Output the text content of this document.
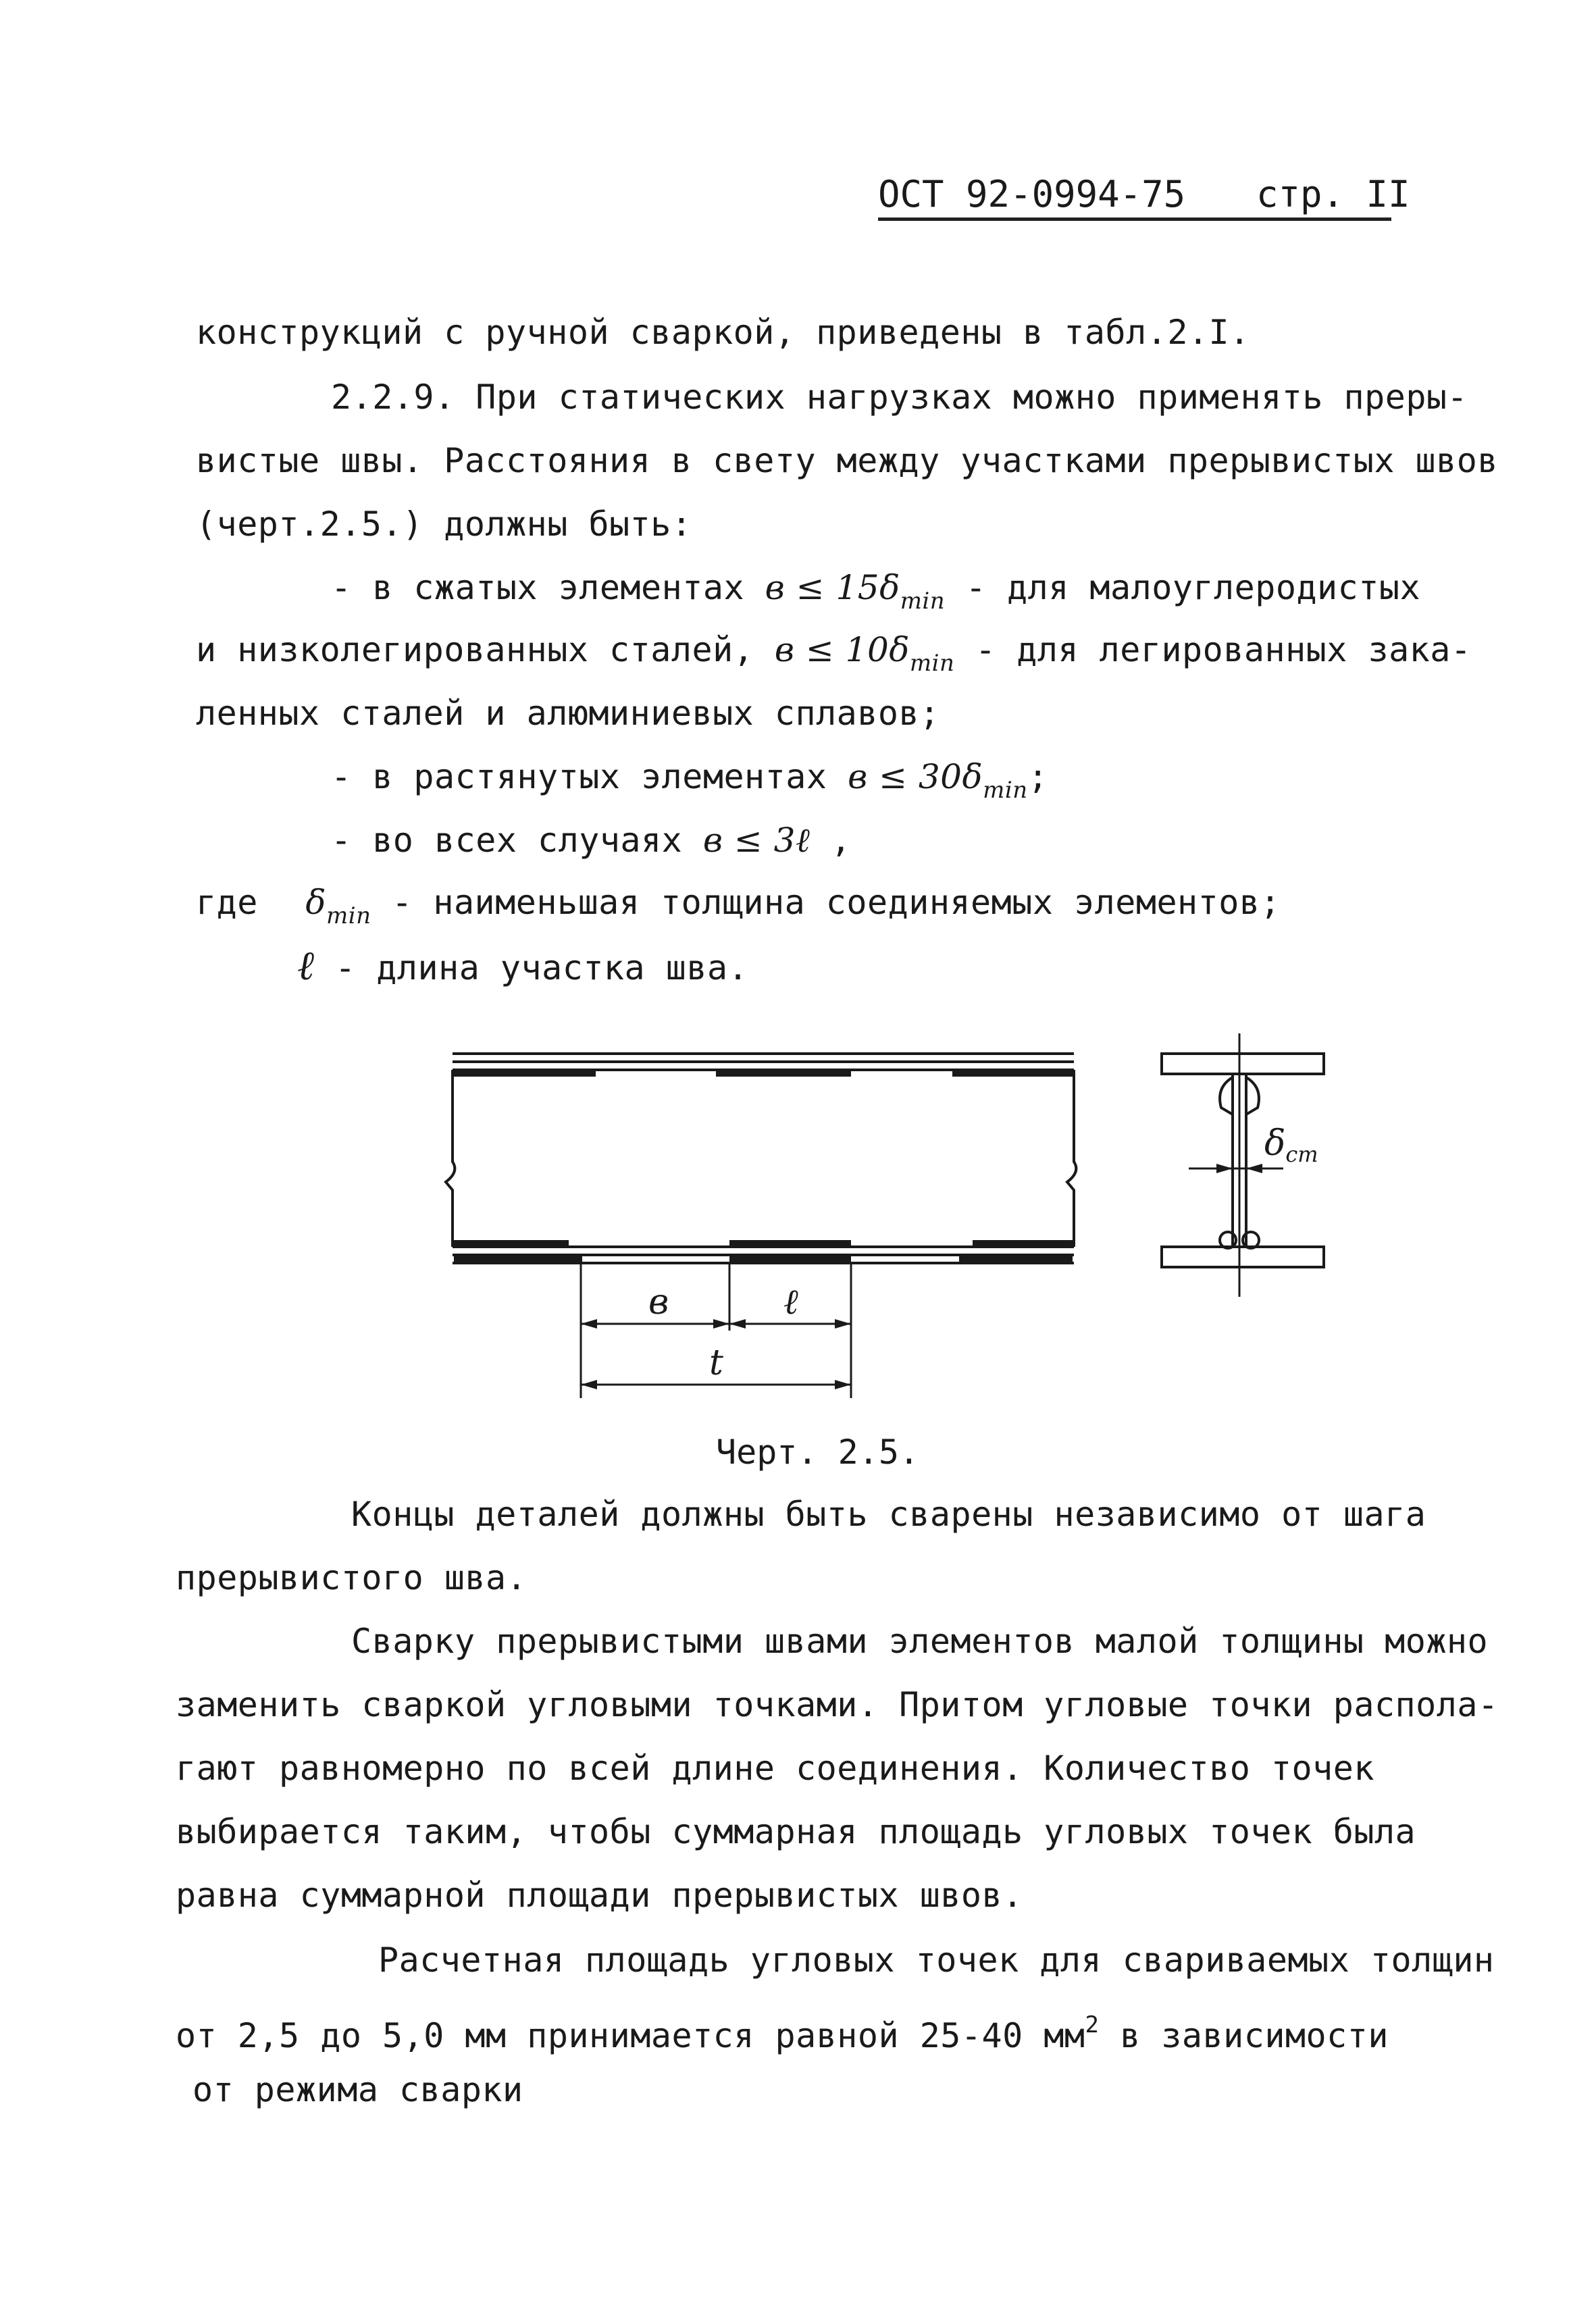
ОСТ 92-0994-75 стр. II
конструкций с ручной сваркой, приведены в табл.2.I.
2.2.9. При статических нагрузках можно применять преры-
вистые швы. Расстояния в свету между участками прерывистых швов
(черт.2.5.) должны быть:
- в сжатых элементах $в \le 15\delta_{min}$ - для малоуглеродистых
и низколегированных сталей, $в \le 10\delta_{min}$ - для легированных зака-
ленных сталей и алюминиевых сплавов;
- в растянутых элементах $в \le 30\delta_{min}$;
- во всех случаях в ≤ 3ℓ ,
где $\delta_{min}$ - наименьшая толщина соединяемых элементов;
ℓ - длина участка шва.
в	ℓ
t
δcm
Черт. 2.5.
Концы деталей должны быть сварены независимо от шага
прерывистого шва.
Сварку прерывистыми швами элементов малой толщины можно
заменить сваркой угловыми точками. Притом угловые точки распола-
гают равномерно по всей длине соединения. Количество точек
выбирается таким, чтобы суммарная площадь угловых точек была
равна суммарной площади прерывистых швов.
Расчетная площадь угловых точек для свариваемых толщин
от 2,5 до 5,0 мм принимается равной 25-40 $мм^2$ в зависимости
от режима сварки
